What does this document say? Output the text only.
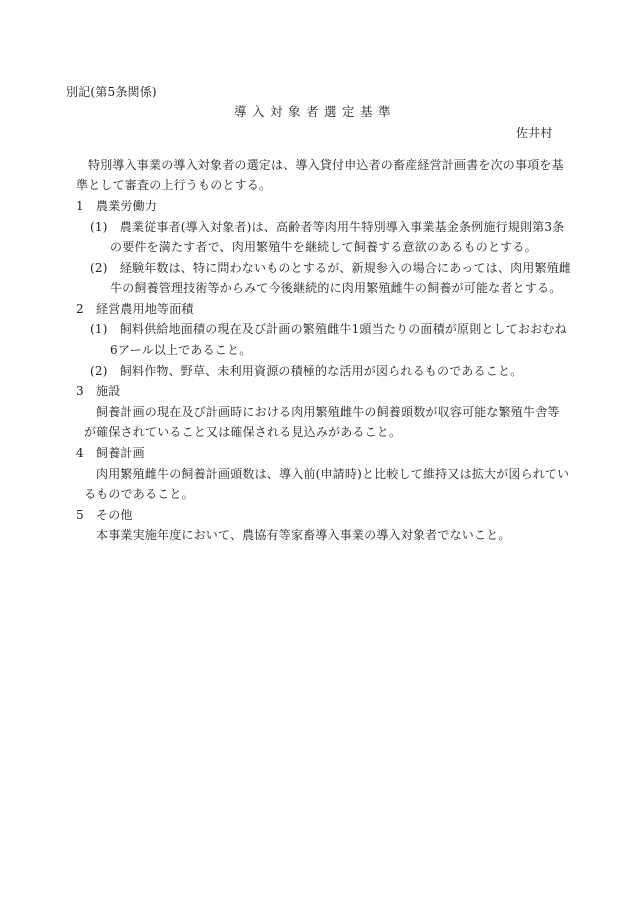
別記(第5条関係)
導入対象者選定基準
佐井村
特別導入事業の導入対象者の選定は、導入貸付申込者の畜産経営計画書を次の事項を基
準として審査の上行うものとする。
1　農業労働力
(1)　農業従事者(導入対象者)は、高齢者等肉用牛特別導入事業基金条例施行規則第3条
の要件を満たす者で、肉用繁殖牛を継続して飼養する意欲のあるものとする。
(2)　経験年数は、特に問わないものとするが、新規参入の場合にあっては、肉用繁殖雌
牛の飼養管理技術等からみて今後継続的に肉用繁殖雌牛の飼養が可能な者とする。
2　経営農用地等面積
(1)　飼料供給地面積の現在及び計画の繁殖雌牛1頭当たりの面積が原則としておおむね
6アール以上であること。
(2)　飼料作物、野草、未利用資源の積極的な活用が図られるものであること。
3　施設
飼養計画の現在及び計画時における肉用繁殖雌牛の飼養頭数が収容可能な繁殖牛舎等
が確保されていること又は確保される見込みがあること。
4　飼養計画
肉用繁殖雌牛の飼養計画頭数は、導入前(申請時)と比較して維持又は拡大が図られてい
るものであること。
5　その他
本事業実施年度において、農協有等家畜導入事業の導入対象者でないこと。
